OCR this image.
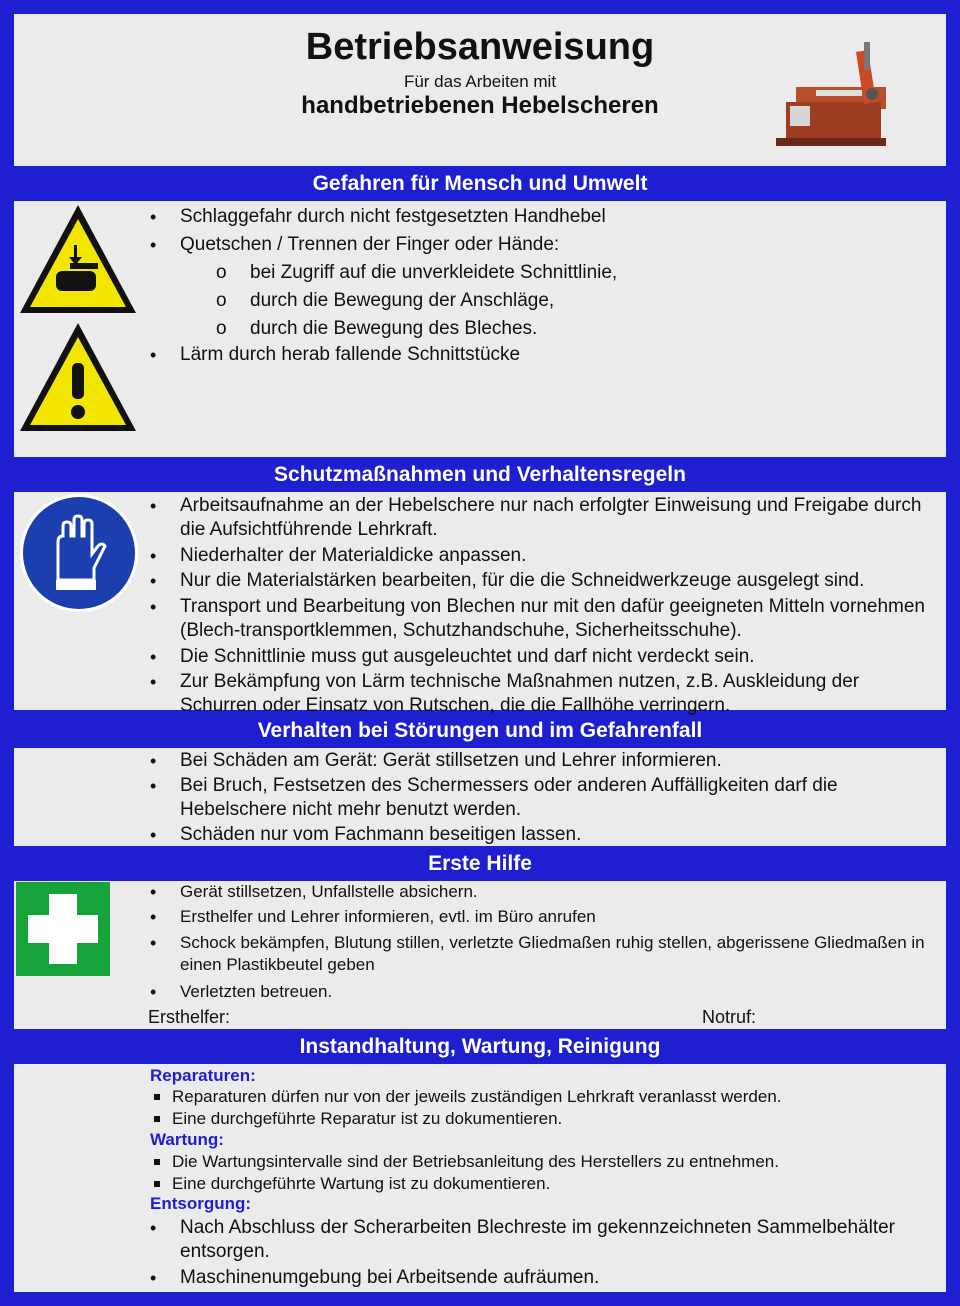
Betriebsanweisung
Für das Arbeiten mit
handbetriebenen Hebelscheren
Gefahren für Mensch und Umwelt
• Schlaggefahr durch nicht festgesetzten Handhebel
• Quetschen / Trennen der Finger oder Hände:
o bei Zugriff auf die unverkleidete Schnittlinie,
o durch die Bewegung der Anschläge,
o durch die Bewegung des Bleches.
• Lärm durch herab fallende Schnittstücke
Schutzmaßnahmen und Verhaltensregeln
• Arbeitsaufnahme an der Hebelschere nur nach erfolgter Einweisung und Freigabe durch die Aufsichtführende Lehrkraft.
• Niederhalter der Materialdicke anpassen.
• Nur die Materialstärken bearbeiten, für die die Schneidwerkzeuge ausgelegt sind.
• Transport und Bearbeitung von Blechen nur mit den dafür geeigneten Mitteln vornehmen (Blech-transportklemmen, Schutzhandschuhe, Sicherheitsschuhe).
• Die Schnittlinie muss gut ausgeleuchtet und darf nicht verdeckt sein.
• Zur Bekämpfung von Lärm technische Maßnahmen nutzen, z.B. Auskleidung der Schurren oder Einsatz von Rutschen, die die Fallhöhe verringern.
Verhalten bei Störungen und im Gefahrenfall
• Bei Schäden am Gerät: Gerät stillsetzen und Lehrer informieren.
• Bei Bruch, Festsetzen des Schermessers oder anderen Auffälligkeiten darf die Hebelschere nicht mehr benutzt werden.
• Schäden nur vom Fachmann beseitigen lassen.
Erste Hilfe
• Gerät stillsetzen, Unfallstelle absichern.
• Ersthelfer und Lehrer informieren, evtl. im Büro anrufen
• Schock bekämpfen, Blutung stillen, verletzte Gliedmaßen ruhig stellen, abgerissene Gliedmaßen in einen Plastikbeutel geben
• Verletzten betreuen.
Ersthelfer:	Notruf:
Instandhaltung, Wartung, Reinigung
Reparaturen:
Reparaturen dürfen nur von der jeweils zuständigen Lehrkraft veranlasst werden.
Eine durchgeführte Reparatur ist zu dokumentieren.
Wartung:
Die Wartungsintervalle sind der Betriebsanleitung des Herstellers zu entnehmen.
Eine durchgeführte Wartung ist zu dokumentieren.
Entsorgung:
• Nach Abschluss der Scherarbeiten Blechreste im gekennzeichneten Sammelbehälter entsorgen.
• Maschinenumgebung bei Arbeitsende aufräumen.
